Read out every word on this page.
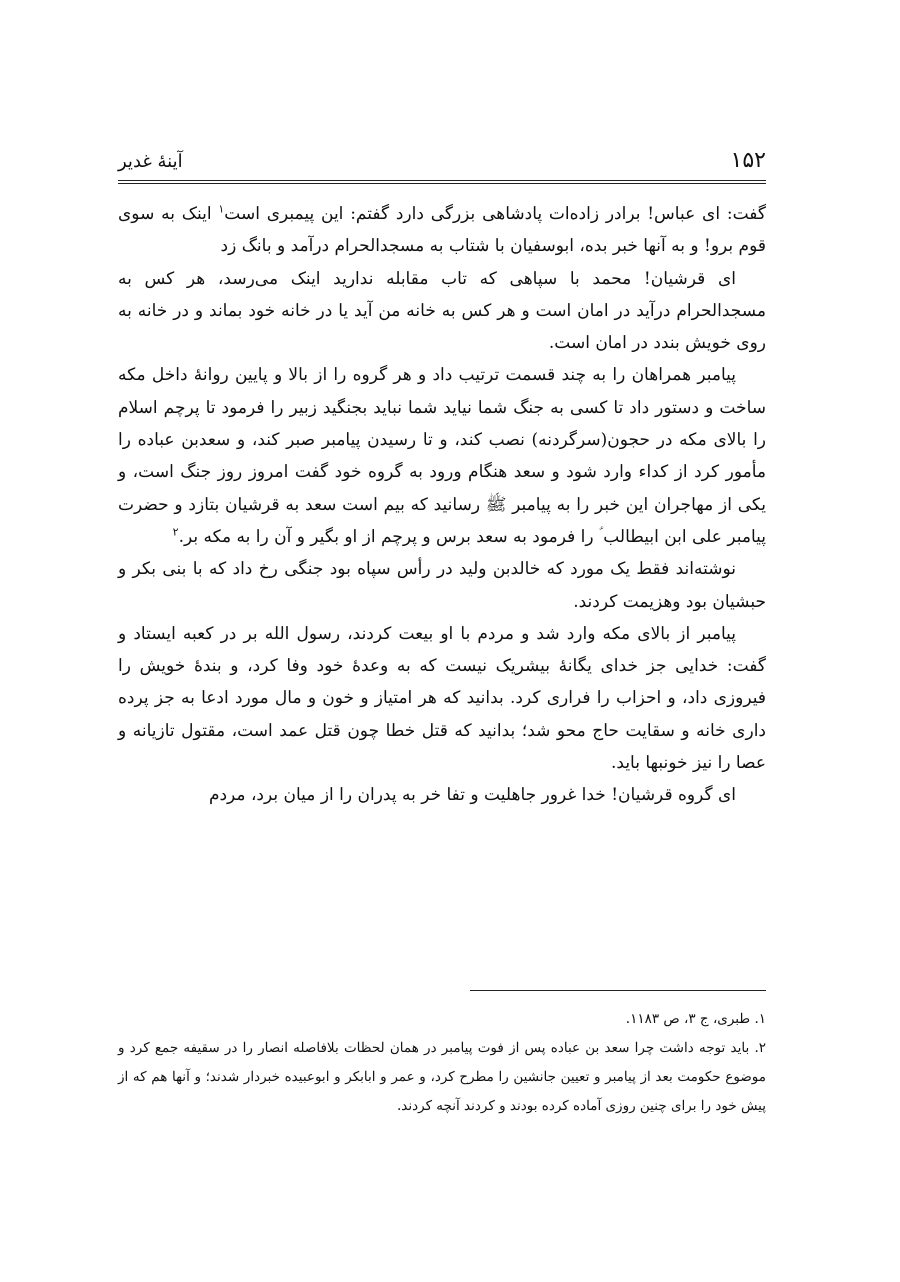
۱۵۲
آینهٔ غدیر

گفت: ای عباس! برادر زاده‌ات پادشاهی بزرگی دارد گفتم: این پیمبری است$^۱$ اینک به سوی قوم برو! و به آنها خبر بده، ابوسفیان با شتاب به مسجدالحرام درآمد و بانگ زد

ای قرشیان! محمد با سپاهی که تاب مقابله ندارید اینک می‌رسد، هر کس به مسجدالحرام درآید در امان است و هر کس به خانه من آید یا در خانه خود بماند و در خانه به روی خویش بندد در امان است.

پیامبر همراهان را به چند قسمت ترتیب داد و هر گروه را از بالا و پایین روانهٔ داخل مکه ساخت و دستور داد تا کسی به جنگ شما نیاید شما نباید بجنگید زبیر را فرمود تا پرچم اسلام را بالای مکه در حجون(سرگردنه) نصب کند، و تا رسیدن پیامبر صبر کند، و سعدبن عباده را مأمور کرد از کداء وارد شود و سعد هنگام ورود به گروه خود گفت امروز روز جنگ است، و یکی از مهاجران این خبر را به پیامبر ﷺ رسانید که بیم است سعد به قرشیان بتازد و حضرت پیامبر علی ابن ابیطالب ؑ را فرمود به سعد برس و پرچم از او بگیر و آن را به مکه بر.$^۲$

نوشته‌اند فقط یک مورد که خالدبن ولید در رأس سپاه بود جنگی رخ داد که با بنی بکر و حبشیان بود وهزیمت کردند.

پیامبر از بالای مکه وارد شد و مردم با او بیعت کردند، رسول الله بر در کعبه ایستاد و گفت: خدایی جز خدای یگانهٔ بیشریک نیست که به وعدهٔ خود وفا کرد، و بندهٔ خویش را فیروزی داد، و احزاب را فراری کرد. بدانید که هر امتیاز و خون و مال مورد ادعا به جز پرده داری خانه و سقایت حاج محو شد؛ بدانید که قتل خطا چون قتل عمد است، مقتول تازیانه و عصا را نیز خونبها باید.

ای گروه قرشیان! خدا غرور جاهلیت و تفا خر به پدران را از میان برد، مردم

۱. طبری، ج ۳، ص ۱۱۸۳.

۲. باید توجه داشت چرا سعد بن عباده پس از فوت پیامبر در همان لحظات بلافاصله انصار را در سقیفه جمع کرد و موضوع حکومت بعد از پیامبر و تعیین جانشین را مطرح کرد، و عمر و ابابکر و ابوعبیده خبردار شدند؛ و آنها هم که از پیش خود را برای چنین روزی آماده کرده بودند و کردند آنچه کردند.
